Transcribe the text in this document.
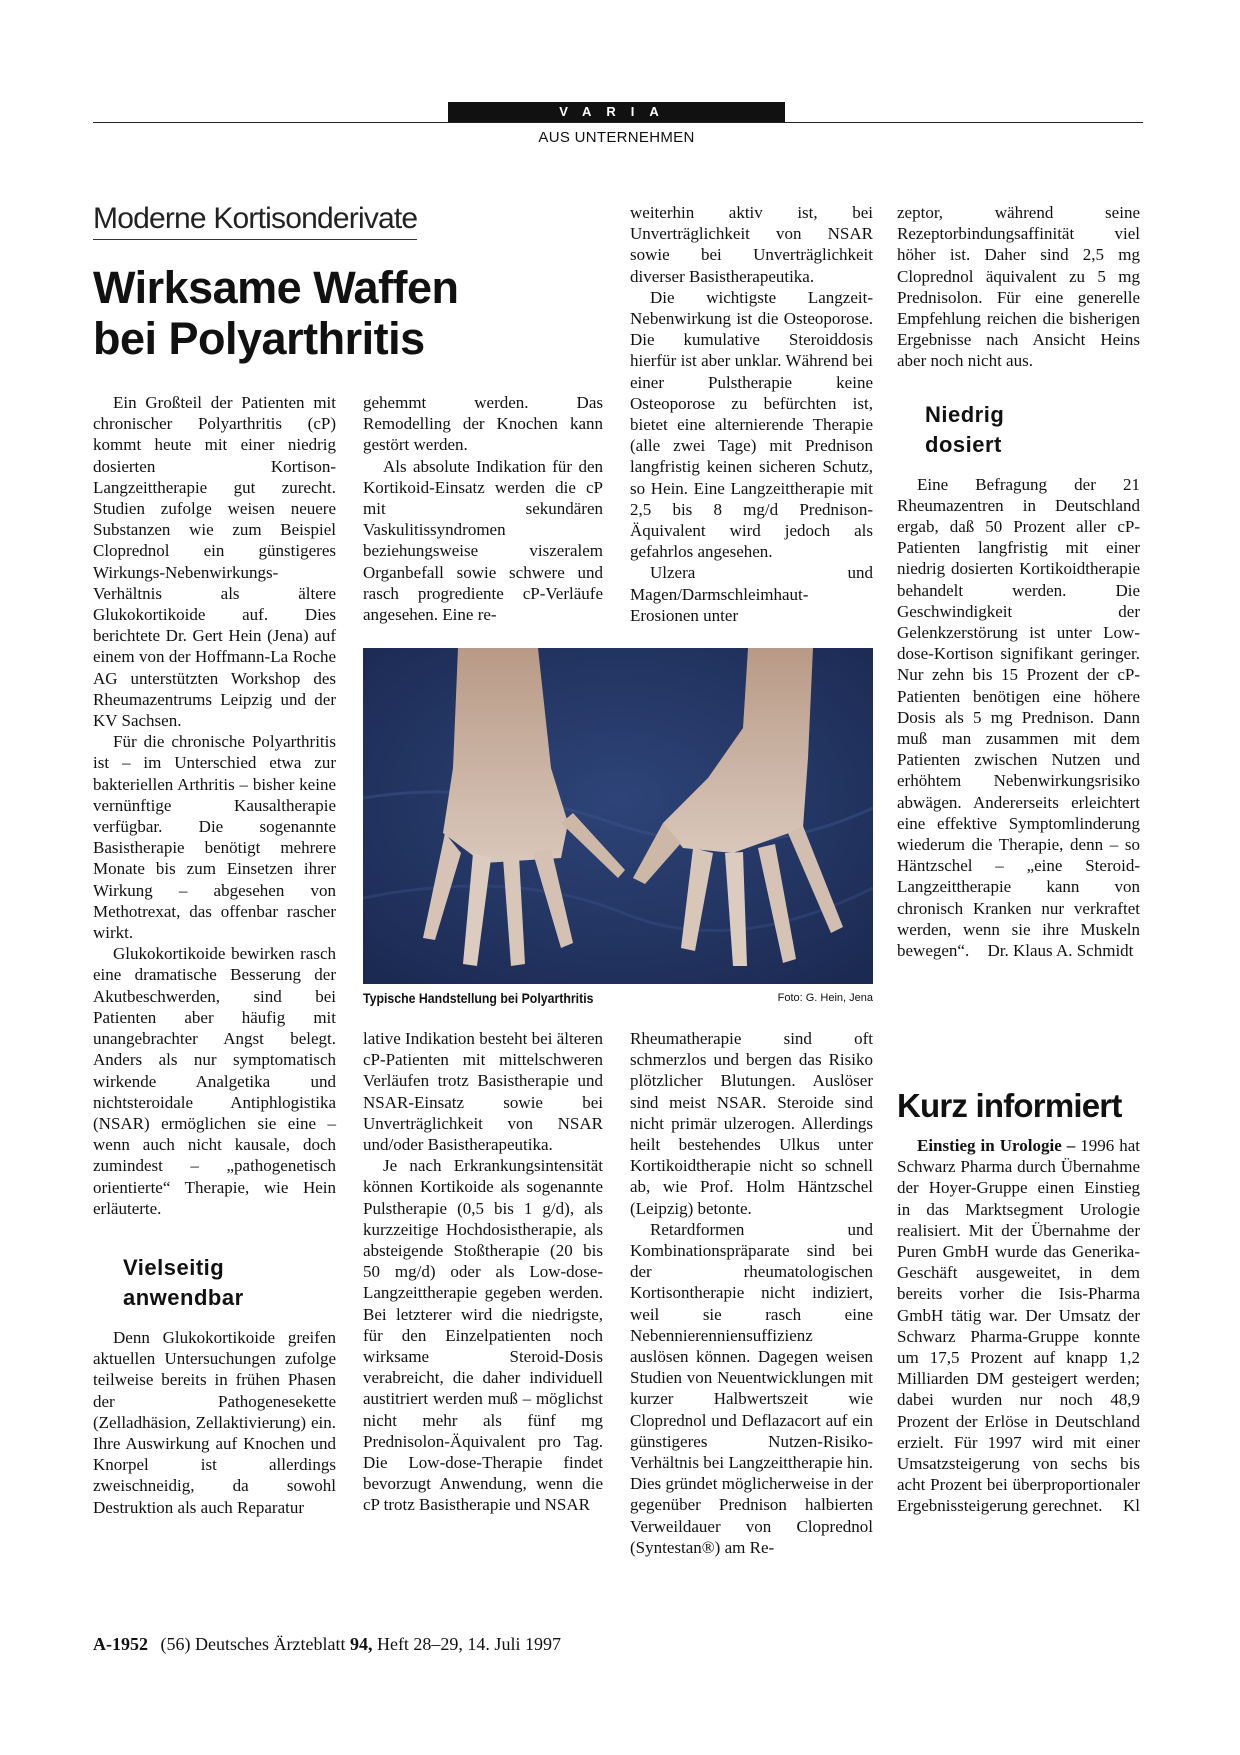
VARIA
AUS UNTERNEHMEN
Moderne Kortisonderivate
Wirksame Waffen
bei Polyarthritis

Ein Großteil der Patienten mit chronischer Polyarthritis (cP) kommt heute mit einer niedrig dosierten Kortison-Langzeittherapie gut zurecht. Studien zufolge weisen neuere Substanzen wie zum Beispiel Cloprednol ein günstigeres Wirkungs-Nebenwirkungs-Verhältnis als ältere Glukokortikoide auf. Dies berichtete Dr. Gert Hein (Jena) auf einem von der Hoffmann-La Roche AG unterstützten Workshop des Rheumazentrums Leipzig und der KV Sachsen.

Für die chronische Polyarthritis ist – im Unterschied etwa zur bakteriellen Arthritis – bisher keine vernünftige Kausaltherapie verfügbar. Die sogenannte Basistherapie benötigt mehrere Monate bis zum Einsetzen ihrer Wirkung – abgesehen von Methotrexat, das offenbar rascher wirkt.

Glukokortikoide bewirken rasch eine dramatische Besserung der Akutbeschwerden, sind bei Patienten aber häufig mit unangebrachter Angst belegt. Anders als nur symptomatisch wirkende Analgetika und nichtsteroidale Antiphlogistika (NSAR) ermöglichen sie eine – wenn auch nicht kausale, doch zumindest – „pathogenetisch orientierte“ Therapie, wie Hein erläuterte.

Vielseitig
anwendbar

Denn Glukokortikoide greifen aktuellen Untersuchungen zufolge teilweise bereits in frühen Phasen der Pathogenesekette (Zelladhäsion, Zellaktivierung) ein. Ihre Auswirkung auf Knochen und Knorpel ist allerdings zweischneidig, da sowohl Destruktion als auch Reparatur

gehemmt werden. Das Remodelling der Knochen kann gestört werden.

Als absolute Indikation für den Kortikoid-Einsatz werden die cP mit sekundären Vaskulitissyndromen beziehungsweise viszeralem Organbefall sowie schwere und rasch progrediente cP-Verläufe angesehen. Eine re-

weiterhin aktiv ist, bei Unverträglichkeit von NSAR sowie bei Unverträglichkeit diverser Basistherapeutika.

Die wichtigste Langzeit-Nebenwirkung ist die Osteoporose. Die kumulative Steroiddosis hierfür ist aber unklar. Während bei einer Pulstherapie keine Osteoporose zu befürchten ist, bietet eine alternierende Therapie (alle zwei Tage) mit Prednison langfristig keinen sicheren Schutz, so Hein. Eine Langzeittherapie mit 2,5 bis 8 mg/d Prednison-Äquivalent wird jedoch als gefahrlos angesehen.

Ulzera und Magen/Darmschleimhaut-Erosionen unter

Typische Handstellung bei Polyarthritis	Foto: G. Hein, Jena

lative Indikation besteht bei älteren cP-Patienten mit mittelschweren Verläufen trotz Basistherapie und NSAR-Einsatz sowie bei Unverträglichkeit von NSAR und/oder Basistherapeutika.

Je nach Erkrankungsintensität können Kortikoide als sogenannte Pulstherapie (0,5 bis 1 g/d), als kurzzeitige Hochdosistherapie, als absteigende Stoßtherapie (20 bis 50 mg/d) oder als Low-dose-Langzeittherapie gegeben werden. Bei letzterer wird die niedrigste, für den Einzelpatienten noch wirksame Steroid-Dosis verabreicht, die daher individuell austitriert werden muß – möglichst nicht mehr als fünf mg Prednisolon-Äquivalent pro Tag. Die Low-dose-Therapie findet bevorzugt Anwendung, wenn die cP trotz Basistherapie und NSAR

Rheumatherapie sind oft schmerzlos und bergen das Risiko plötzlicher Blutungen. Auslöser sind meist NSAR. Steroide sind nicht primär ulzerogen. Allerdings heilt bestehendes Ulkus unter Kortikoidtherapie nicht so schnell ab, wie Prof. Holm Häntzschel (Leipzig) betonte.

Retardformen und Kombinationspräparate sind bei der rheumatologischen Kortisontherapie nicht indiziert, weil sie rasch eine Nebennierenniensuffizienz auslösen können. Dagegen weisen Studien von Neuentwicklungen mit kurzer Halbwertszeit wie Cloprednol und Deflazacort auf ein günstigeres Nutzen-Risiko-Verhältnis bei Langzeittherapie hin. Dies gründet möglicherweise in der gegenüber Prednison halbierten Verweildauer von Cloprednol (Syntestan®) am Re-

zeptor, während seine Rezeptorbindungsaffinität viel höher ist. Daher sind 2,5 mg Cloprednol äquivalent zu 5 mg Prednisolon. Für eine generelle Empfehlung reichen die bisherigen Ergebnisse nach Ansicht Heins aber noch nicht aus.

Niedrig
dosiert

Eine Befragung der 21 Rheumazentren in Deutschland ergab, daß 50 Prozent aller cP-Patienten langfristig mit einer niedrig dosierten Kortikoidtherapie behandelt werden. Die Geschwindigkeit der Gelenkzerstörung ist unter Low-dose-Kortison signifikant geringer. Nur zehn bis 15 Prozent der cP-Patienten benötigen eine höhere Dosis als 5 mg Prednison. Dann muß man zusammen mit dem Patienten zwischen Nutzen und erhöhtem Nebenwirkungsrisiko abwägen. Andererseits erleichtert eine effektive Symptomlinderung wiederum die Therapie, denn – so Häntzschel – „eine Steroid-Langzeittherapie kann von chronisch Kranken nur verkraftet werden, wenn sie ihre Muskeln bewegen“. Dr. Klaus A. Schmidt

Kurz informiert

Einstieg in Urologie – 1996 hat Schwarz Pharma durch Übernahme der Hoyer-Gruppe einen Einstieg in das Marktsegment Urologie realisiert. Mit der Übernahme der Puren GmbH wurde das Generika-Geschäft ausgeweitet, in dem bereits vorher die Isis-Pharma GmbH tätig war. Der Umsatz der Schwarz Pharma-Gruppe konnte um 17,5 Prozent auf knapp 1,2 Milliarden DM gesteigert werden; dabei wurden nur noch 48,9 Prozent der Erlöse in Deutschland erzielt. Für 1997 wird mit einer Umsatzsteigerung von sechs bis acht Prozent bei überproportionaler Ergebnissteigerung gerechnet.	Kl

A-1952 (56) Deutsches Ärzteblatt 94, Heft 28–29, 14. Juli 1997
